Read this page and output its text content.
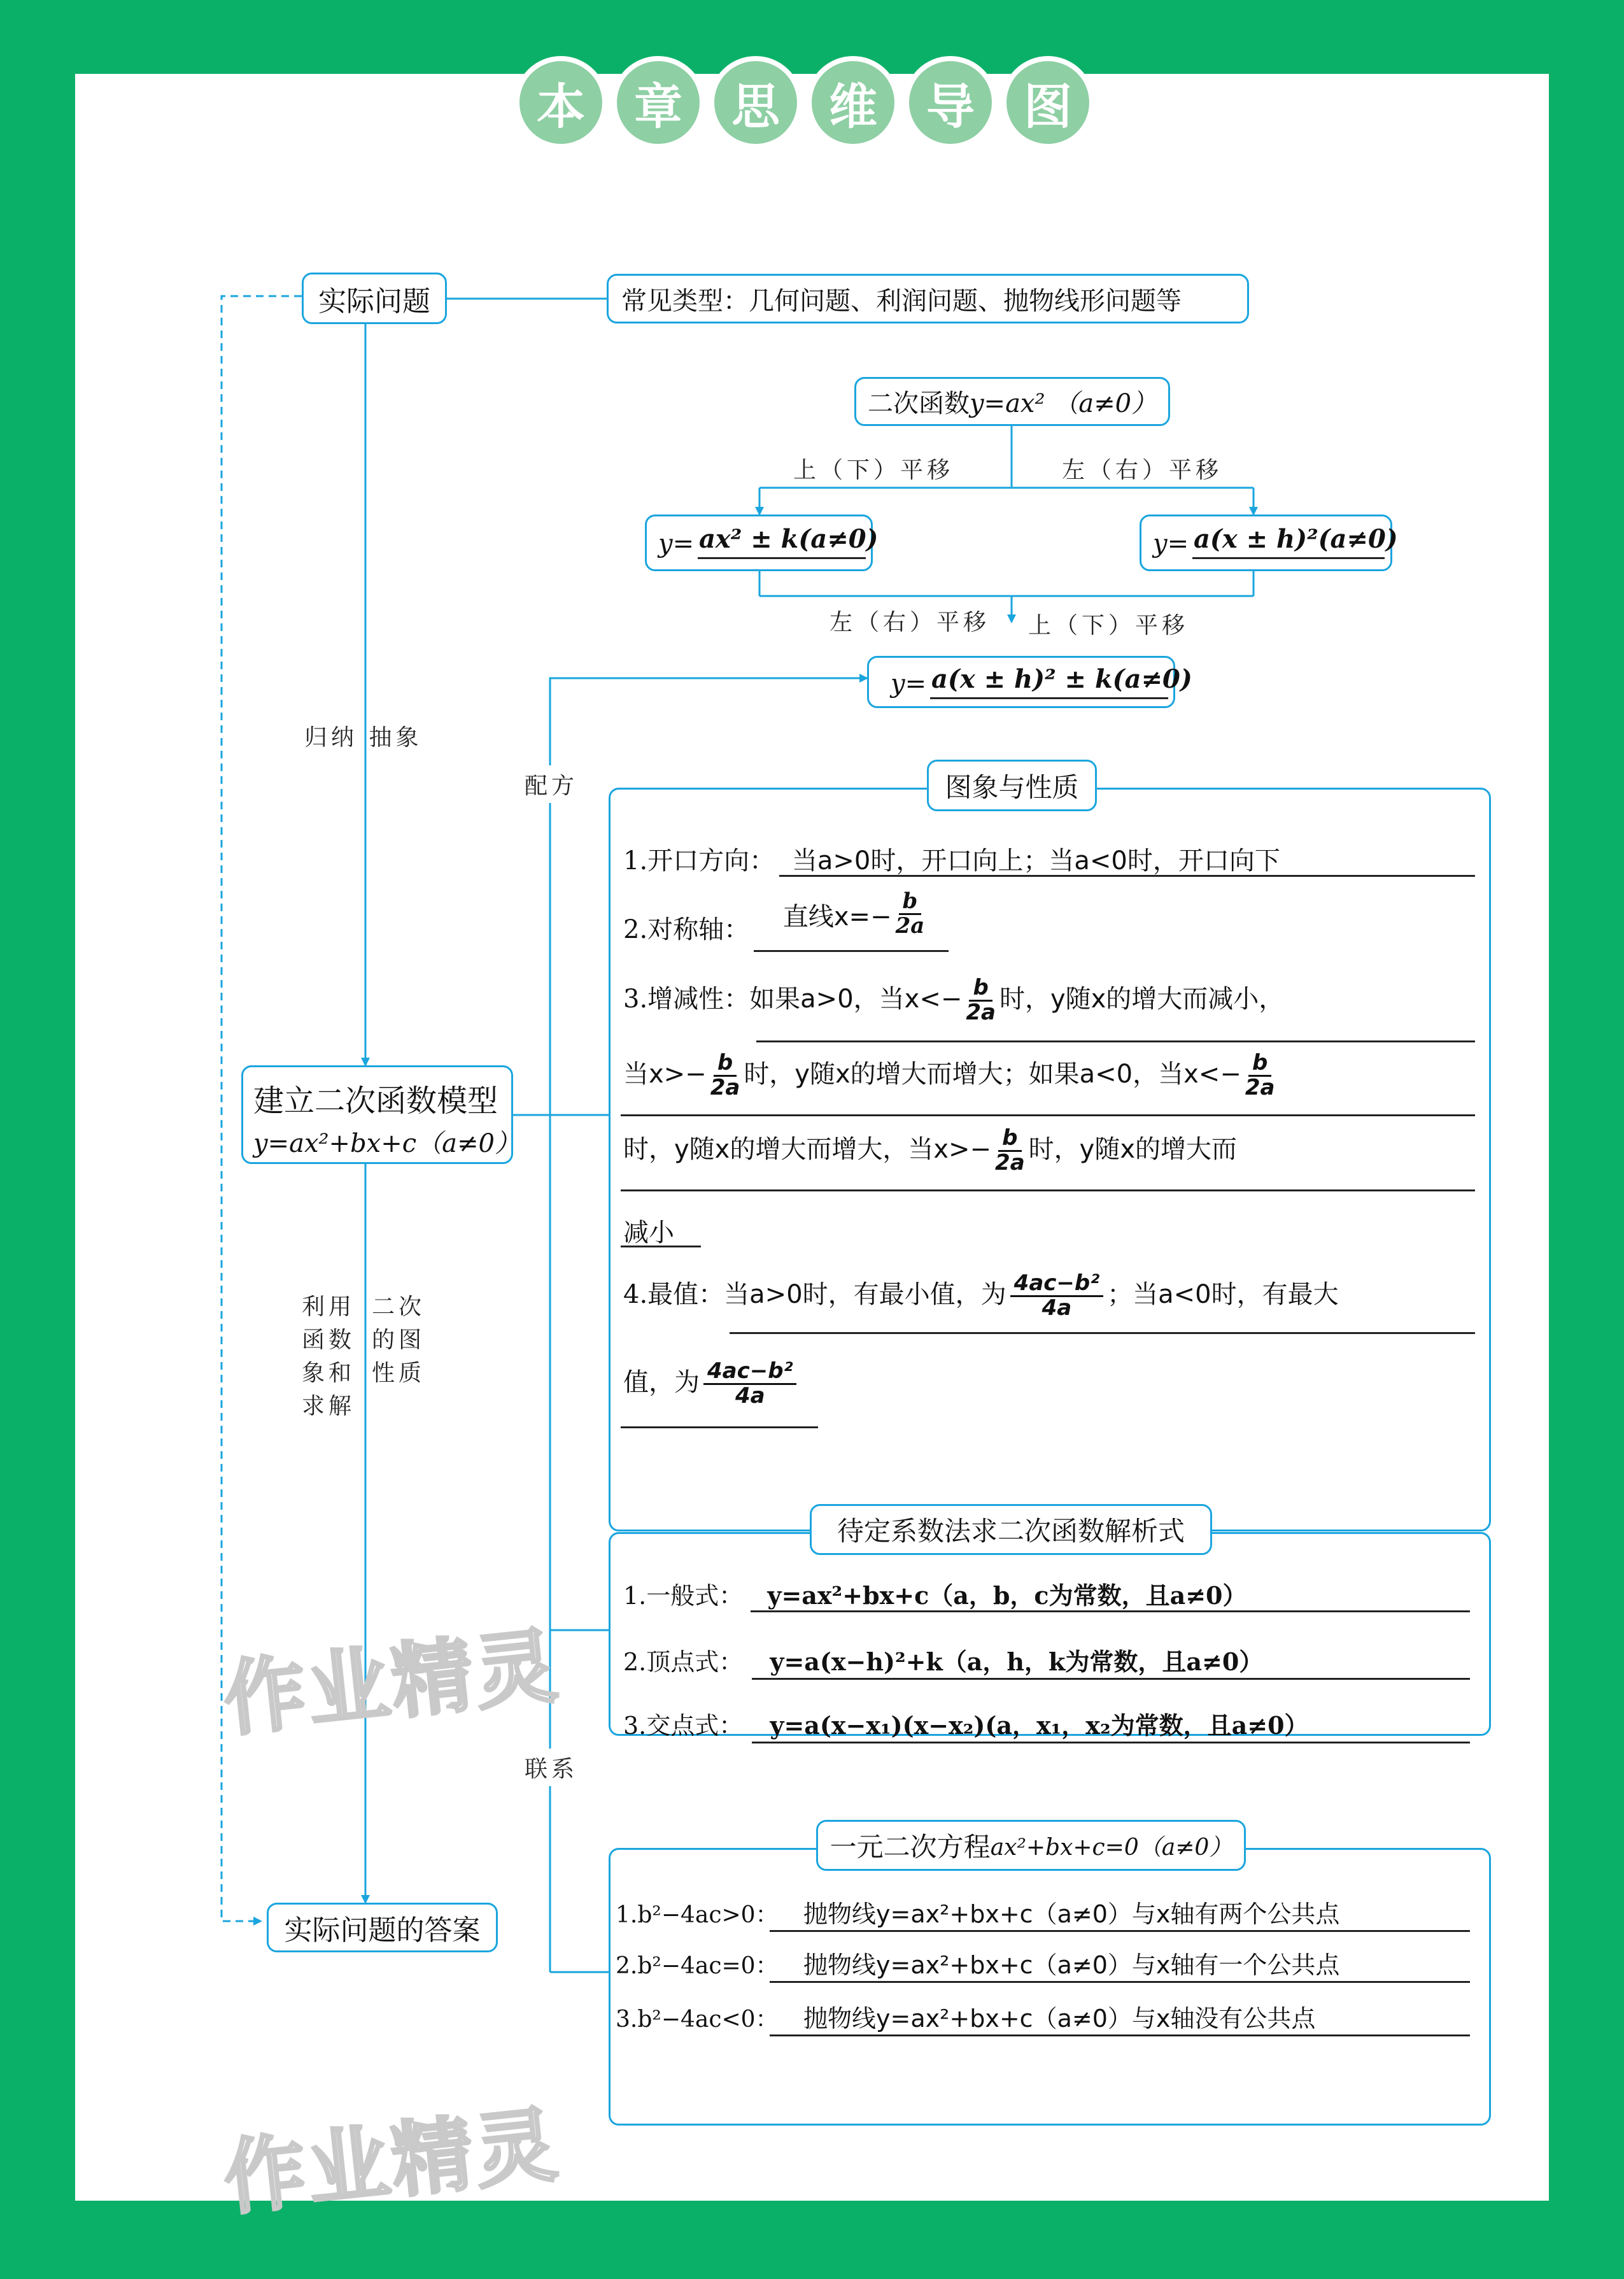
本	章	思	维	导	图
上（下）平移	左（右）平移
左（右）平移 上（下）平移
归纳 抽象
配方
利用
函数
象和
求解
二次
的图
性质
联系
实际问题	常见类型：几何问题、利润问题、抛物线形问题等
二次函数 y=ax² （a≠0）
y= ax² ± k(a≠0)	y= a(x ± h)²(a≠0)
y= a(x ± h)² ± k(a≠0)
建立二次函数模型
y=ax²+bx+c（a≠0）
实际问题的答案
图象与性质
1.开口方向： 当a>0时，开口向上；当a<0时，开口向下
2.对称轴： 直线$x=- \frac{b}{2a}$
3.增减性：如果a>0，当$x<- \frac{b}{2a}$ 时，y随x的增大而减小，
当$x>- \frac{b}{2a}$ 时，y随x的增大而增大；如果a<0，当$x<- \frac{b}{2a}$
时，y随x的增大而增大，当$x>- \frac{b}{2a}$ 时，y随x的增大而
减小
4.最值：当a>0时，有最小值，为 $\frac{\text{4ac−b²}}{4a}$ ；当a<0时，有最大
值，为 $\frac{\text{4ac−b²}}{4a}$
待定系数法求二次函数解析式
1.一般式： y=ax²+bx+c（a，b，c为常数，且a≠0）
2.顶点式： y=a(x−h)²+k（a，h，k为常数，且a≠0）
3.交点式： y=a(x−x₁)(x−x₂)(a，x₁，x₂为常数，且a≠0）
一元二次方程 ax²+bx+c=0（a≠0）
1.b²−4ac>0： 抛物线y=ax²+bx+c（a≠0）与x轴有两个公共点
2.b²−4ac=0： 抛物线y=ax²+bx+c（a≠0）与x轴有一个公共点
3.b²−4ac<0： 抛物线y=ax²+bx+c（a≠0）与x轴没有公共点
作业精灵
作业精灵
